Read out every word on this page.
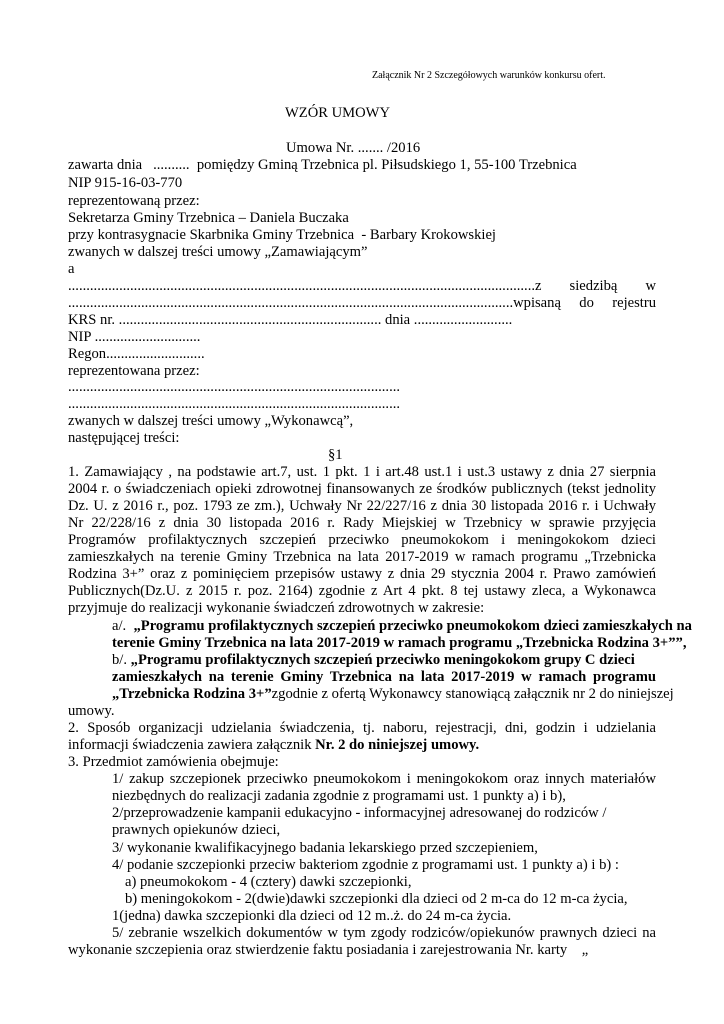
Załącznik Nr 2 Szczegółowych warunków konkursu ofert.
WZÓR UMOWY
Umowa Nr. ....... /2016
zawarta dnia   ..........  pomiędzy Gminą Trzebnica pl. Piłsudskiego 1, 55-100 Trzebnica
NIP 915-16-03-770
reprezentowaną przez:
Sekretarza Gminy Trzebnica – Daniela Buczaka
przy kontrasygnacie Skarbnika Gminy Trzebnica  - Barbary Krokowskiej
zwanych w dalszej treści umowy „Zamawiającym”
a
................................................................................................................................z siedzibą w
..........................................................................................................................wpisaną do rejestru
KRS nr. ........................................................................ dnia ...........................
NIP .............................
Regon...........................
reprezentowana przez:
...........................................................................................
...........................................................................................
zwanych w dalszej treści umowy „Wykonawcą”,
następującej treści:
§1
1. Zamawiający , na podstawie art.7, ust. 1 pkt. 1 i art.48 ust.1 i ust.3 ustawy z dnia 27 sierpnia
2004 r. o świadczeniach opieki zdrowotnej finansowanych ze środków publicznych (tekst jednolity
Dz. U. z 2016 r., poz. 1793 ze zm.), Uchwały Nr 22/227/16 z dnia 30 listopada 2016 r. i Uchwały
Nr 22/228/16 z dnia 30 listopada 2016 r. Rady Miejskiej w Trzebnicy w sprawie przyjęcia
Programów profilaktycznych szczepień przeciwko pneumokokom i meningokokom dzieci
zamieszkałych na terenie Gminy Trzebnica na lata 2017-2019 w ramach programu „Trzebnicka
Rodzina 3+” oraz z pominięciem przepisów ustawy z dnia 29 stycznia 2004 r. Prawo zamówień
Publicznych(Dz.U. z 2015 r. poz. 2164) zgodnie z Art 4 pkt. 8 tej ustawy zleca, a Wykonawca
przyjmuje do realizacji wykonanie świadczeń zdrowotnych w zakresie:
a/.  „Programu profilaktycznych szczepień przeciwko pneumokokom dzieci zamieszkałych na
terenie Gminy Trzebnica na lata 2017-2019 w ramach programu „Trzebnicka Rodzina 3+””,
b/. „Programu profilaktycznych szczepień przeciwko meningokokom grupy C dzieci
zamieszkałych na terenie Gminy Trzebnica na lata 2017-2019 w ramach programu
„Trzebnicka Rodzina 3+”zgodnie z ofertą Wykonawcy stanowiącą załącznik nr 2 do niniejszej
umowy.
2. Sposób organizacji udzielania świadczenia, tj. naboru, rejestracji, dni, godzin i udzielania
informacji świadczenia zawiera załącznik Nr. 2 do niniejszej umowy.
3. Przedmiot zamówienia obejmuje:
1/ zakup szczepionek przeciwko pneumokokom i meningokokom oraz innych materiałów
niezbędnych do realizacji zadania zgodnie z programami ust. 1 punkty a) i b),
2/przeprowadzenie kampanii edukacyjno - informacyjnej adresowanej do rodziców /
prawnych opiekunów dzieci,
3/ wykonanie kwalifikacyjnego badania lekarskiego przed szczepieniem,
4/ podanie szczepionki przeciw bakteriom zgodnie z programami ust. 1 punkty a) i b) :
a) pneumokokom - 4 (cztery) dawki szczepionki,
b) meningokokom - 2(dwie)dawki szczepionki dla dzieci od 2 m-ca do 12 m-ca życia,
1(jedna) dawka szczepionki dla dzieci od 12 m..ż. do 24 m-ca życia.
5/ zebranie wszelkich dokumentów w tym zgody rodziców/opiekunów prawnych dzieci na
wykonanie szczepienia oraz stwierdzenie faktu posiadania i zarejestrowania Nr. karty    „
